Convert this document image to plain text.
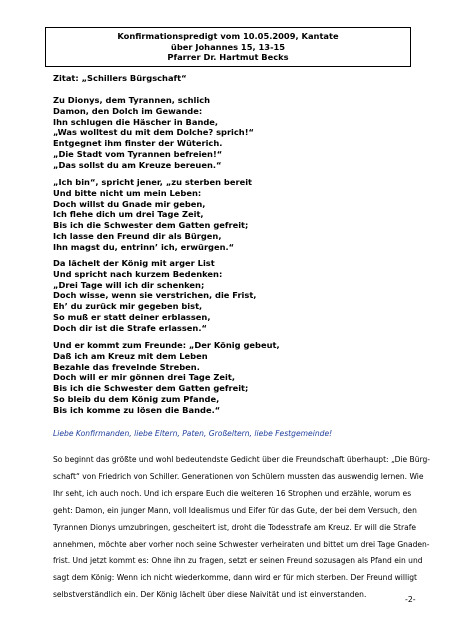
Konfirmationspredigt vom 10.05.2009, Kantate
über Johannes 15, 13-15
Pfarrer Dr. Hartmut Becks
Zitat: „Schillers Bürgschaft“
Zu Dionys, dem Tyrannen, schlich
Damon, den Dolch im Gewande:
Ihn schlugen die Häscher in Bande,
„Was wolltest du mit dem Dolche? sprich!“
Entgegnet ihm finster der Wüterich.
„Die Stadt vom Tyrannen befreien!“
„Das sollst du am Kreuze bereuen.“
„Ich bin“, spricht jener, „zu sterben bereit
Und bitte nicht um mein Leben:
Doch willst du Gnade mir geben,
Ich flehe dich um drei Tage Zeit,
Bis ich die Schwester dem Gatten gefreit;
Ich lasse den Freund dir als Bürgen,
Ihn magst du, entrinn’ ich, erwürgen.“
Da lächelt der König mit arger List
Und spricht nach kurzem Bedenken:
„Drei Tage will ich dir schenken;
Doch wisse, wenn sie verstrichen, die Frist,
Eh’ du zurück mir gegeben bist,
So muß er statt deiner erblassen,
Doch dir ist die Strafe erlassen.“
Und er kommt zum Freunde: „Der König gebeut,
Daß ich am Kreuz mit dem Leben
Bezahle das frevelnde Streben.
Doch will er mir gönnen drei Tage Zeit,
Bis ich die Schwester dem Gatten gefreit;
So bleib du dem König zum Pfande,
Bis ich komme zu lösen die Bande.“
Liebe Konfirmanden, liebe Eltern, Paten, Großeltern, liebe Festgemeinde!
So beginnt das größte und wohl bedeutendste Gedicht über die Freundschaft überhaupt: „Die Bürg-
schaft“ von Friedrich von Schiller. Generationen von Schülern mussten das auswendig lernen. Wie
Ihr seht, ich auch noch. Und ich erspare Euch die weiteren 16 Strophen und erzähle, worum es
geht: Damon, ein junger Mann, voll Idealismus und Eifer für das Gute, der bei dem Versuch, den
Tyrannen Dionys umzubringen, gescheitert ist, droht die Todesstrafe am Kreuz. Er will die Strafe
annehmen, möchte aber vorher noch seine Schwester verheiraten und bittet um drei Tage Gnaden-
frist. Und jetzt kommt es: Ohne ihn zu fragen, setzt er seinen Freund sozusagen als Pfand ein und
sagt dem König: Wenn ich nicht wiederkomme, dann wird er für mich sterben. Der Freund willigt
selbstverständlich ein. Der König lächelt über diese Naivität und ist einverstanden.
-2-
